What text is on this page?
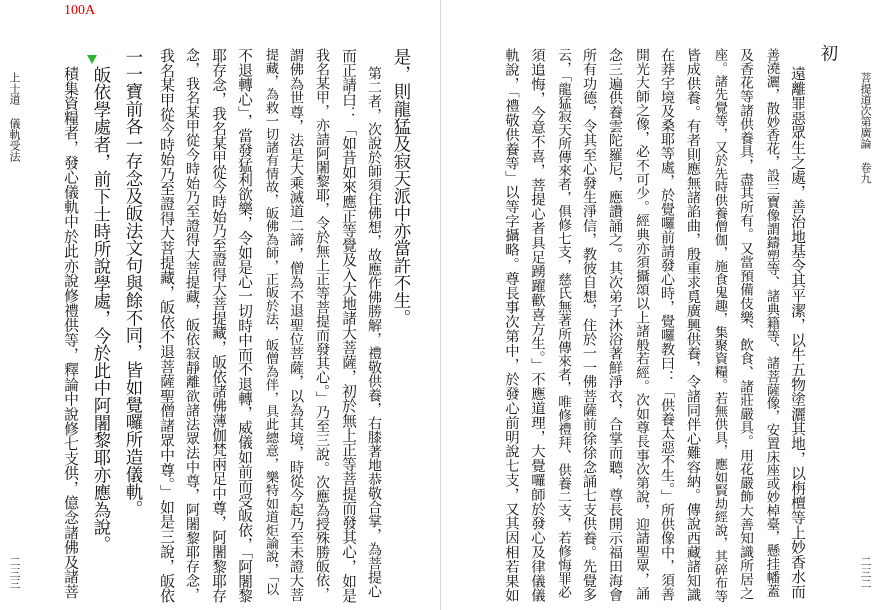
菩提道次第廣論 卷九
初
遠離罪惡眾生之處，善治地基令其平潔，以牛五物塗灑其地，以栴檀等上妙香水而
善澆灑，散妙香花，設三寶像謂鑄塑等、諸典籍等、諸菩薩像，安置床座或妙棹臺，懸挂幡蓋
及香花等諸供養具，盡其所有。又當預備伎樂、飲食、諸莊嚴具。用花嚴飾大善知識所居之
座。諸先覺等，又於先時供養僧伽，施食鬼趣，集聚資糧。若無供具，應如賢劫經說，其碎布等
皆成供養。有者則應無諸諂曲，殷重求覓廣興供養，令諸同伴心難容納。傳說西藏諸知識
在莽宇境及桑耶等處，於覺囉前請發心時，覺囉教曰：「供養太惡不生。」所供像中，須善
開光大師之像，必不可少。經典亦須攝頌以上諸般若經。次如尊長事次第說，迎請聖眾，誦
念三遍供養雲陀羅尼，應讚誦之。其次弟子沐浴著鮮淨衣，合掌而聽，尊長開示福田海會
所有功德，令其至心發生淨信，教彼自想，住於一一佛菩薩前徐徐念誦七支供養。先覺多
云，「龍猛寂天所傳來者，俱修七支，慈氏無著所傳來者，唯修禮拜、供養二支，若修悔罪必
須追悔，今意不喜，菩提心者具足踴躍歡喜方生。」不應道理，大覺囉師於發心及律儀儀
軌說，「禮敬供養等」以等字攝略。尊長事次第中，於發心前明說七支，又其因相若果如	二三二
100A
是，則龍猛及寂天派中亦當許不生。
第二者，次說於師須住佛想，故應作佛勝解，禮敬供養，右膝著地恭敬合掌，為菩提心
而正請白：「如昔如來應正等覺及入大地諸大菩薩，初於無上正等菩提而發其心，如是
我名某甲，亦請阿闍黎耶，令於無上正等菩提而發其心。」乃至三說。次應為授殊勝皈依，
謂佛為世尊，法是大乘滅道二諦，僧為不退聖位菩薩，以為其境，時從今起乃至未證大菩
提藏，為救一切諸有情故，皈佛為師，正皈於法，皈僧為伴，具此總意，樂特如道炬論說，「以
不退轉心」，當發猛利欲樂，令如是心一切時中而不退轉，威儀如前而受皈依，「阿闍黎
耶存念，我名某甲從今時始乃至證得大菩提藏，皈依諸佛薄伽梵兩足中尊，阿闍黎耶存
念，我名某甲從今時始乃至證得大菩提藏，皈依寂靜離欲諸法眾法中尊，阿闍黎耶存念，
我名某甲從今時始乃至證得大菩提藏，皈依不退菩薩聖僧諸眾中尊。」如是三說，皈依
一一寶前各一存念及皈法文句與餘不同，皆如覺囉所造儀軌。
皈依學處者，前下士時所說學處，今於此中阿闍黎耶亦應為說。
積集資糧者，發心儀軌中於此亦說修禮供等，釋論中說修七支供，億念諸佛及諸菩
上士道 儀軌受法
二三三
